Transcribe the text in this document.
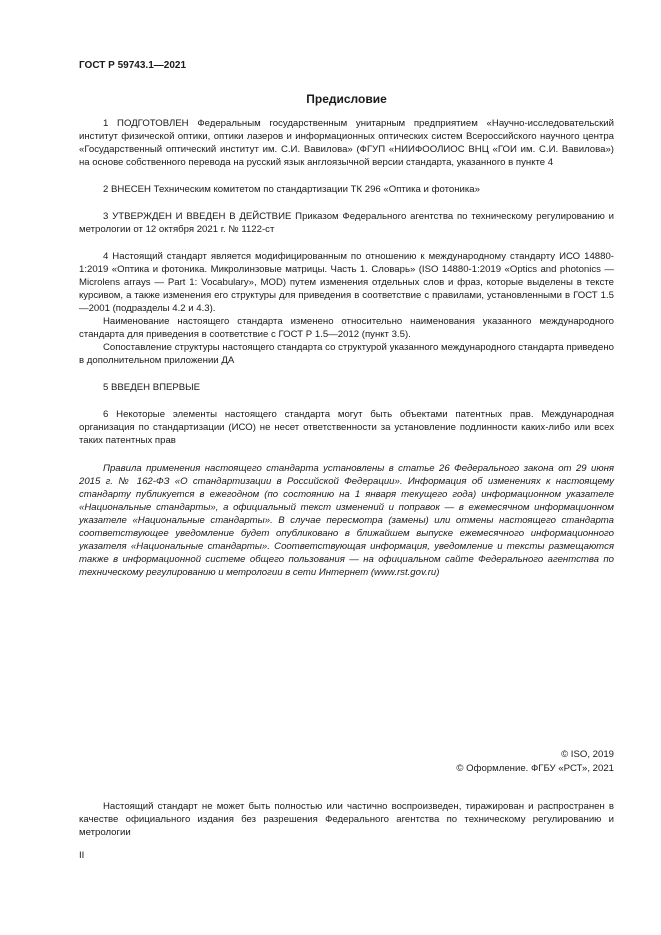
ГОСТ Р 59743.1—2021
Предисловие

1 ПОДГОТОВЛЕН Федеральным государственным унитарным предприятием «Научно-исследовательский институт физической оптики, оптики лазеров и информационных оптических систем Всероссийского научного центра «Государственный оптический институт им. С.И. Вавилова» (ФГУП «НИИФООЛИОС ВНЦ «ГОИ им. С.И. Вавилова») на основе собственного перевода на русский язык англоязычной версии стандарта, указанного в пункте 4

2 ВНЕСЕН Техническим комитетом по стандартизации ТК 296 «Оптика и фотоника»

3 УТВЕРЖДЕН И ВВЕДЕН В ДЕЙСТВИЕ Приказом Федерального агентства по техническому регулированию и метрологии от 12 октября 2021 г. № 1122-ст

4 Настоящий стандарт является модифицированным по отношению к международному стандарту ИСО 14880-1:2019 «Оптика и фотоника. Микролинзовые матрицы. Часть 1. Словарь» (ISO 14880-1:2019 «Optics and photonics — Microlens arrays — Part 1: Vocabulary», MOD) путем изменения отдельных слов и фраз, которые выделены в тексте курсивом, а также изменения его структуры для приведения в соответствие с правилами, установленными в ГОСТ 1.5—2001 (подразделы 4.2 и 4.3).

Наименование настоящего стандарта изменено относительно наименования указанного международного стандарта для приведения в соответствие с ГОСТ Р 1.5—2012 (пункт 3.5).

Сопоставление структуры настоящего стандарта со структурой указанного международного стандарта приведено в дополнительном приложении ДА

5 ВВЕДЕН ВПЕРВЫЕ

6 Некоторые элементы настоящего стандарта могут быть объектами патентных прав. Международная организация по стандартизации (ИСО) не несет ответственности за установление подлинности каких-либо или всех таких патентных прав

Правила применения настоящего стандарта установлены в статье 26 Федерального закона от 29 июня 2015 г. № 162-ФЗ «О стандартизации в Российской Федерации». Информация об изменениях к настоящему стандарту публикуется в ежегодном (по состоянию на 1 января текущего года) информационном указателе «Национальные стандарты», а официальный текст изменений и поправок — в ежемесячном информационном указателе «Национальные стандарты». В случае пересмотра (замены) или отмены настоящего стандарта соответствующее уведомление будет опубликовано в ближайшем выпуске ежемесячного информационного указателя «Национальные стандарты». Соответствующая информация, уведомление и тексты размещаются также в информационной системе общего пользования — на официальном сайте Федерального агентства по техническому регулированию и метрологии в сети Интернет (www.rst.gov.ru)

© ISO, 2019
© Оформление. ФГБУ «РСТ», 2021
Настоящий стандарт не может быть полностью или частично воспроизведен, тиражирован и распространен в качестве официального издания без разрешения Федерального агентства по техническому регулированию и метрологии
II
